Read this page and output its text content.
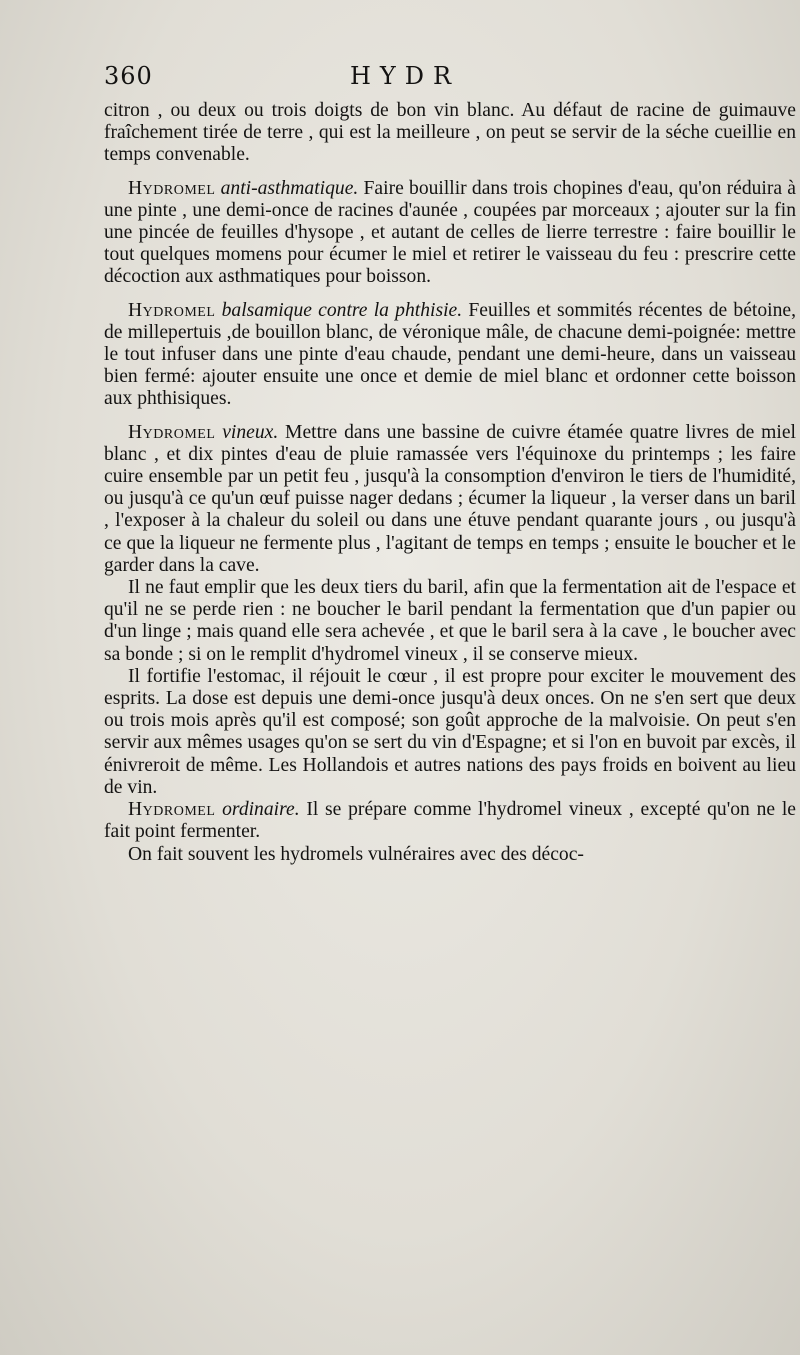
360	HYDR

citron , ou deux ou trois doigts de bon vin blanc. Au défaut de racine de guimauve fraîchement tirée de terre , qui est la meilleure , on peut se servir de la séche cueillie en temps convenable.

Hydromel anti-asthmatique. Faire bouillir dans trois chopines d'eau, qu'on réduira à une pinte , une demi-once de racines d'aunée , coupées par morceaux ; ajouter sur la fin une pincée de feuilles d'hysope , et autant de celles de lierre terrestre : faire bouillir le tout quelques momens pour écumer le miel et retirer le vaisseau du feu : prescrire cette décoction aux asthmatiques pour boisson.

Hydromel balsamique contre la phthisie. Feuilles et sommités récentes de bétoine, de millepertuis ,de bouillon blanc, de véronique mâle, de chacune demi-poignée: mettre le tout infuser dans une pinte d'eau chaude, pendant une demi-heure, dans un vaisseau bien fermé: ajouter ensuite une once et demie de miel blanc et ordonner cette boisson aux phthisiques.

Hydromel vineux. Mettre dans une bassine de cuivre étamée quatre livres de miel blanc , et dix pintes d'eau de pluie ramassée vers l'équinoxe du printemps ; les faire cuire ensemble par un petit feu , jusqu'à la consomption d'environ le tiers de l'humidité, ou jusqu'à ce qu'un œuf puisse nager dedans ; écumer la liqueur , la verser dans un baril , l'exposer à la chaleur du soleil ou dans une étuve pendant quarante jours , ou jusqu'à ce que la liqueur ne fermente plus , l'agitant de temps en temps ; ensuite le boucher et le garder dans la cave.

Il ne faut emplir que les deux tiers du baril, afin que la fermentation ait de l'espace et qu'il ne se perde rien : ne boucher le baril pendant la fermentation que d'un papier ou d'un linge ; mais quand elle sera achevée , et que le baril sera à la cave , le boucher avec sa bonde ; si on le remplit d'hydromel vineux , il se conserve mieux.

Il fortifie l'estomac, il réjouit le cœur , il est propre pour exciter le mouvement des esprits. La dose est depuis une demi-once jusqu'à deux onces. On ne s'en sert que deux ou trois mois après qu'il est composé; son goût approche de la malvoisie. On peut s'en servir aux mêmes usages qu'on se sert du vin d'Espagne; et si l'on en buvoit par excès, il énivreroit de même. Les Hollandois et autres nations des pays froids en boivent au lieu de vin.

Hydromel ordinaire. Il se prépare comme l'hydromel vineux , excepté qu'on ne le fait point fermenter.

On fait souvent les hydromels vulnéraires avec des décoc-
